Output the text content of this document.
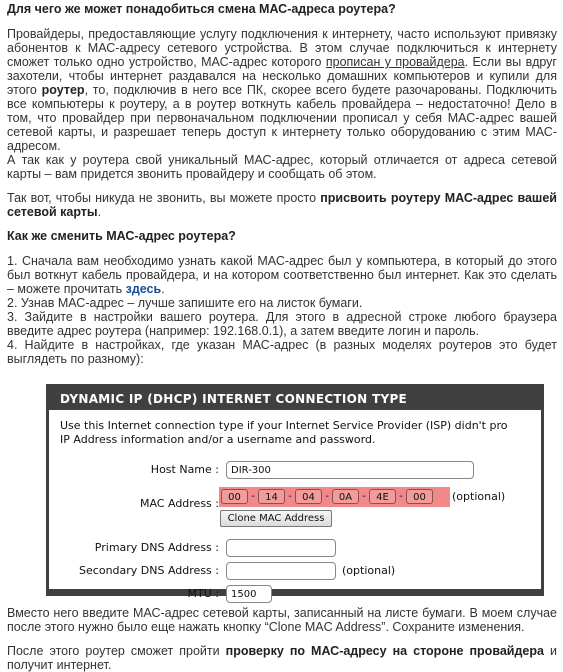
Для чего же может понадобиться смена МАС-адреса роутера?

Провайдеры, предоставляющие услугу подключения к интернету, часто используют привязку абонентов к МАС-адресу сетевого устройства. В этом случае подключиться к интернету сможет только одно устройство, МАС-адрес которого прописан у провайдера. Если вы вдруг захотели, чтобы интернет раздавался на несколько домашних компьютеров и купили для этого роутер, то, подключив в него все ПК, скорее всего будете разочарованы. Подключить все компьютеры к роутеру, а в роутер воткнуть кабель провайдера – недостаточно! Дело в том, что провайдер при первоначальном подключении прописал у себя МАС-адрес вашей сетевой карты, и разрешает теперь доступ к интернету только оборудованию с этим МАС-адресом.

А так как у роутера свой уникальный МАС-адрес, который отличается от адреса сетевой карты – вам придется звонить провайдеру и сообщать об этом.

Так вот, чтобы никуда не звонить, вы можете просто присвоить роутеру МАС-адрес вашей сетевой карты.

Как же сменить МАС-адрес роутера?

1. Сначала вам необходимо узнать какой МАС-адрес был у компьютера, в который до этого был воткнут кабель провайдера, и на котором соответственно был интернет. Как это сделать – можете прочитать здесь.

2. Узнав МАС-адрес – лучше запишите его на листок бумаги.

3. Зайдите в настройки вашего роутера. Для этого в адресной строке любого браузера введите адрес роутера (например: 192.168.0.1), а затем введите логин и пароль.

4. Найдите в настройках, где указан МАС-адрес (в разных моделях роутеров это будет выглядеть по разному):

DYNAMIC IP (DHCP) INTERNET CONNECTION TYPE
Use this Internet connection type if your Internet Service Provider (ISP) didn't pro
IP Address information and/or a username and password.
Host Name :	DIR-300
MAC Address : 00	-	14	-	04	-	0A	-	4E	-	00	(optional)
Clone MAC Address
Primary DNS Address :
Secondary DNS Address :	(optional)
MTU :	1500

Вместо него введите МАС-адрес сетевой карты, записанный на листе бумаги. В моем случае после этого нужно было еще нажать кнопку “Clone MAC Address”. Сохраните изменения.

После этого роутер сможет пройти проверку по МАС-адресу на стороне провайдера и получит интернет.
